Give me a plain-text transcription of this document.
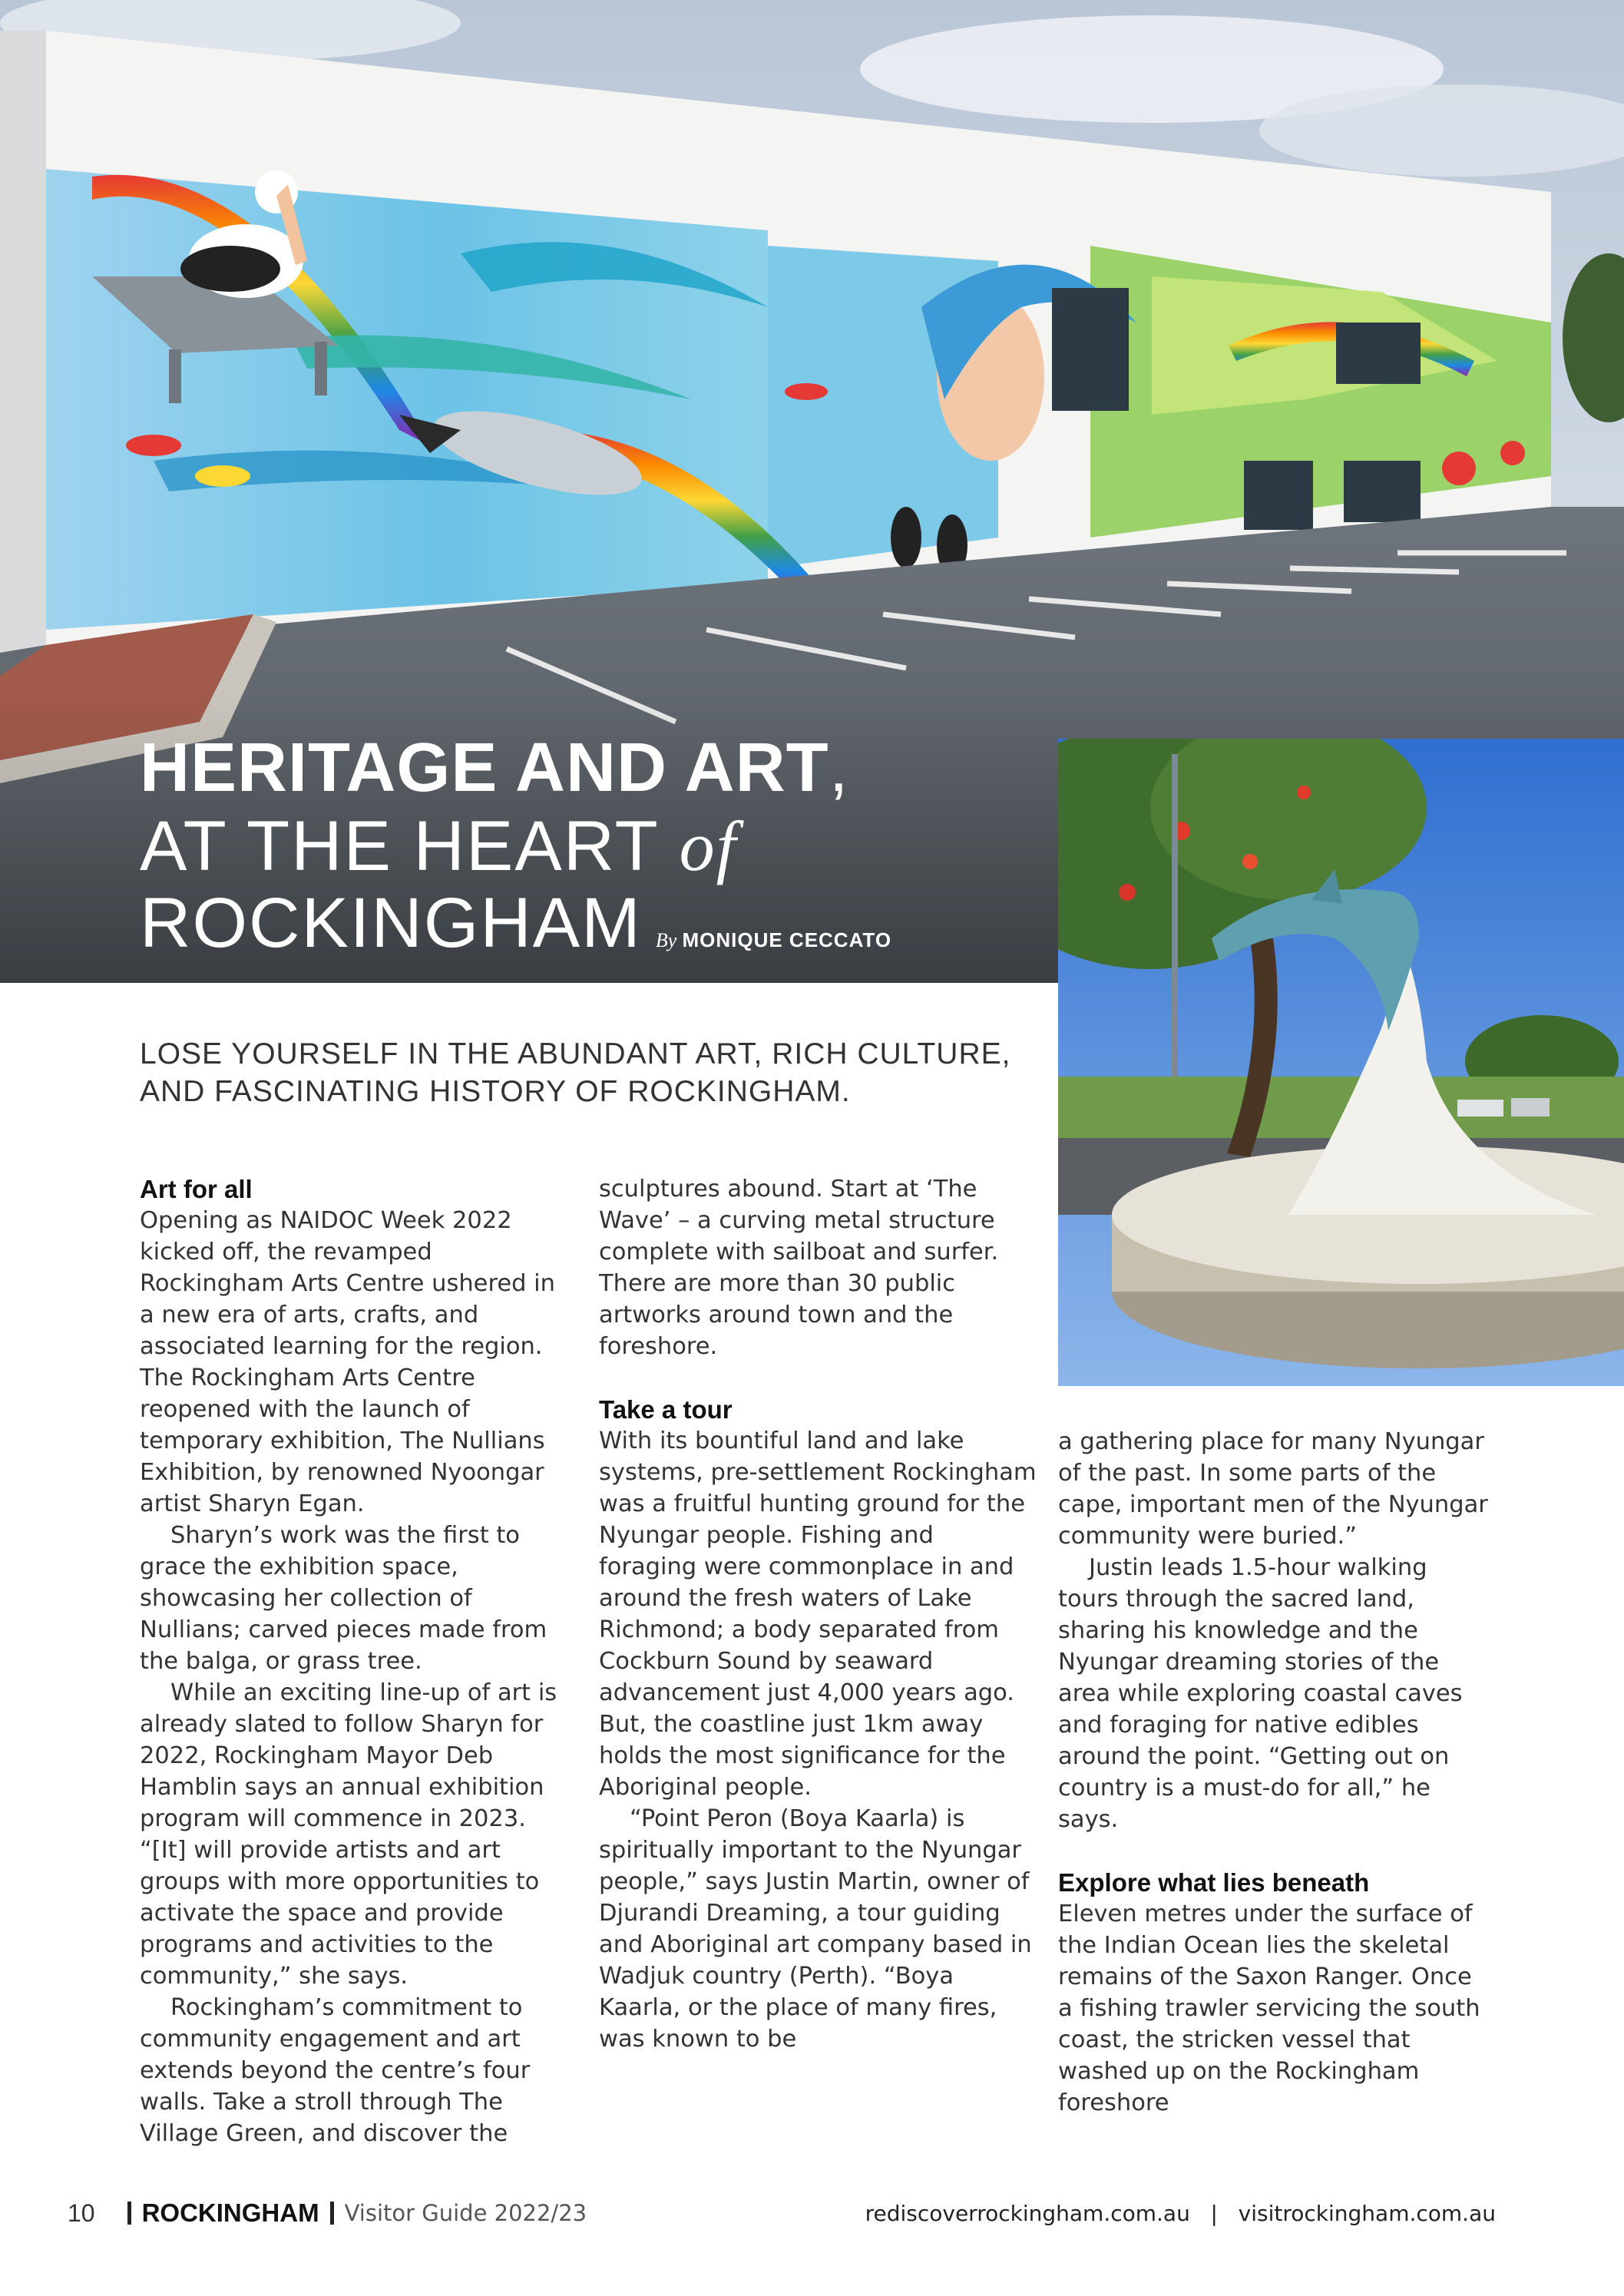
HERITAGE AND ART,
AT THE HEART of
ROCKINGHAM By MONIQUE CECCATO
LOSE YOURSELF IN THE ABUNDANT ART, RICH CULTURE, AND FASCINATING HISTORY OF ROCKINGHAM.
Art for all

Opening as NAIDOC Week 2022 kicked off, the revamped Rockingham Arts Centre ushered in a new era of arts, crafts, and associated learning for the region. The Rockingham Arts Centre reopened with the launch of temporary exhibition, The Nullians Exhibition, by renowned Nyoongar artist Sharyn Egan.

Sharyn’s work was the first to grace the exhibition space, showcasing her collection of Nullians; carved pieces made from the balga, or grass tree.

While an exciting line-up of art is already slated to follow Sharyn for 2022, Rockingham Mayor Deb Hamblin says an annual exhibition program will commence in 2023. “[It] will provide artists and art groups with more opportunities to activate the space and provide programs and activities to the community,” she says.

Rockingham’s commitment to community engagement and art extends beyond the centre’s four walls. Take a stroll through The Village Green, and discover the

sculptures abound. Start at ‘The Wave’ – a curving metal structure complete with sailboat and surfer. There are more than 30 public artworks around town and the foreshore.

Take a tour

With its bountiful land and lake systems, pre-settlement Rockingham was a fruitful hunting ground for the Nyungar people. Fishing and foraging were commonplace in and around the fresh waters of Lake Richmond; a body separated from Cockburn Sound by seaward advancement just 4,000 years ago. But, the coastline just 1km away holds the most significance for the Aboriginal people.

“Point Peron (Boya Kaarla) is spiritually important to the Nyungar people,” says Justin Martin, owner of Djurandi Dreaming, a tour guiding and Aboriginal art company based in Wadjuk country (Perth). “Boya Kaarla, or the place of many fires, was known to be

a gathering place for many Nyungar of the past. In some parts of the cape, important men of the Nyungar community were buried.”

Justin leads 1.5-hour walking tours through the sacred land, sharing his knowledge and the Nyungar dreaming stories of the area while exploring coastal caves and foraging for native edibles around the point. “Getting out on country is a must-do for all,” he says.

Explore what lies beneath

Eleven metres under the surface of the Indian Ocean lies the skeletal remains of the Saxon Ranger. Once a fishing trawler servicing the south coast, the stricken vessel that washed up on the Rockingham foreshore

10 ROCKINGHAM Visitor Guide 2022/23	rediscoverrockingham.com.au | visitrockingham.com.au
